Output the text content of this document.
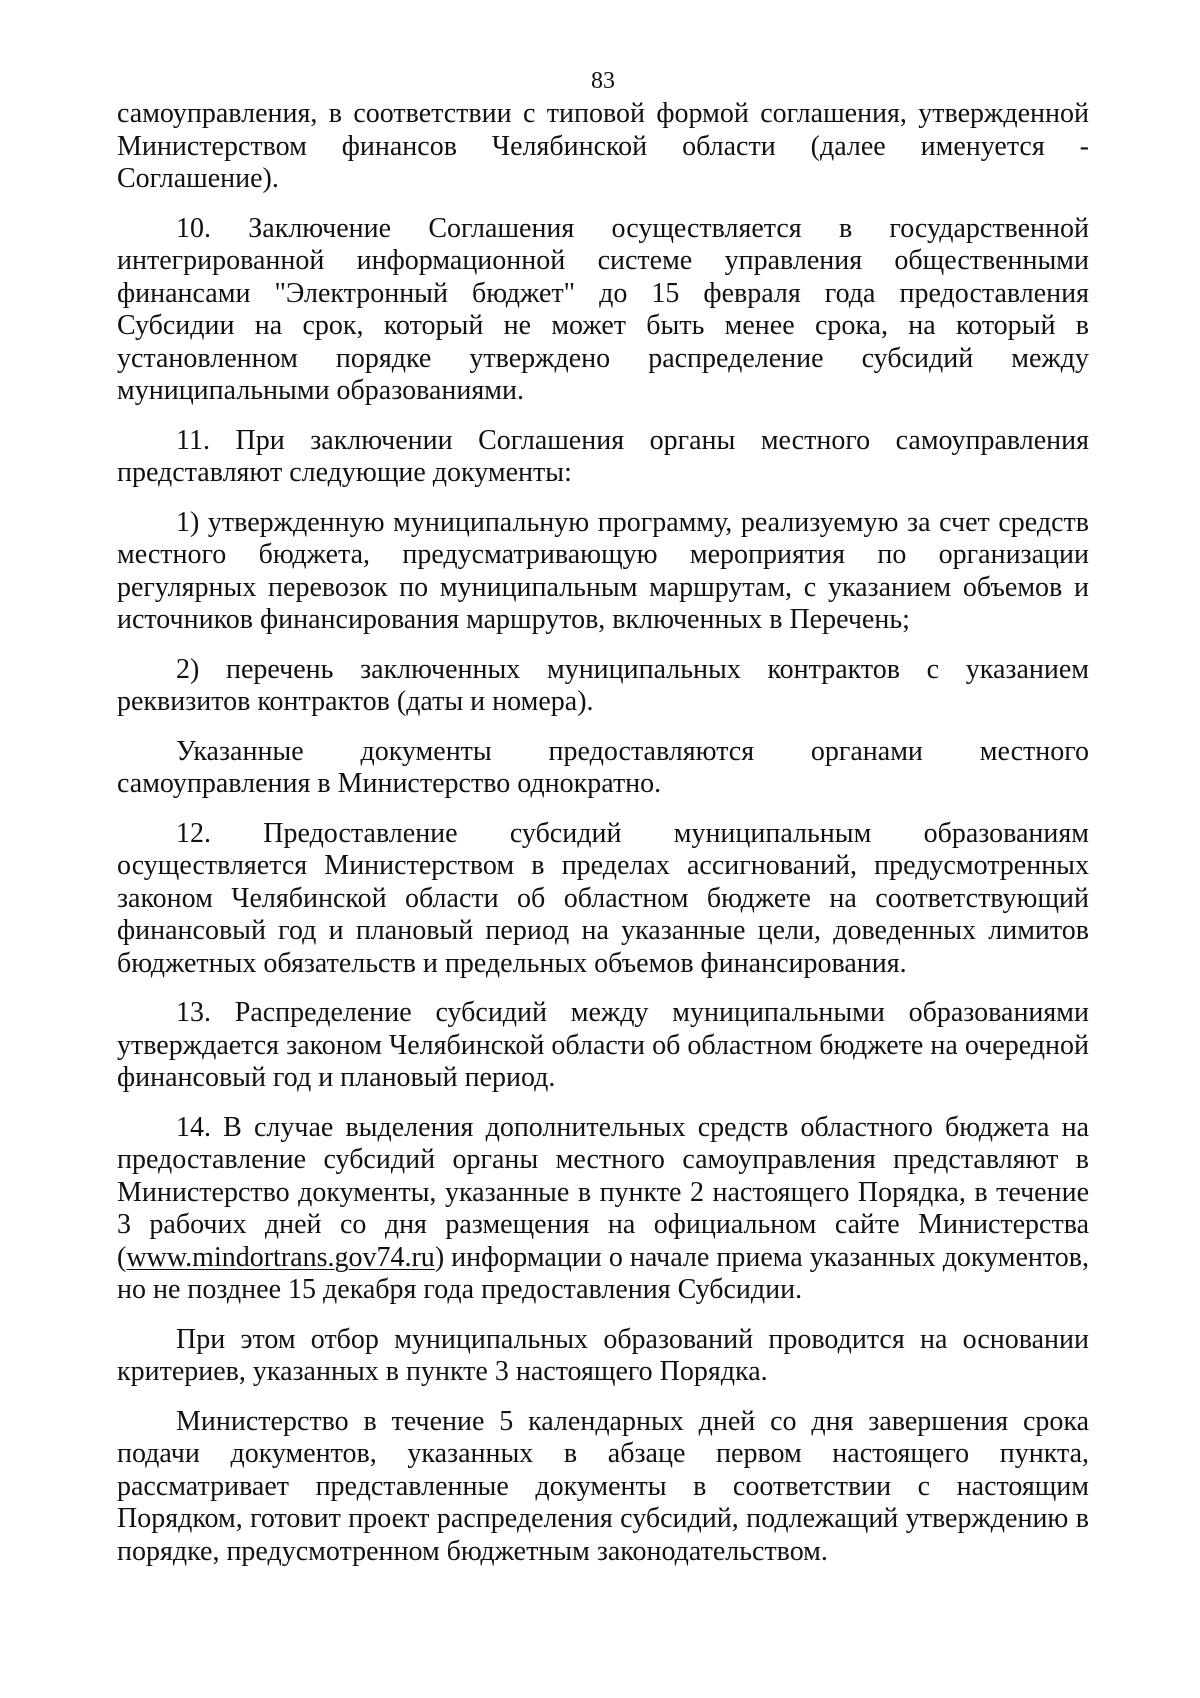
83

самоуправления, в соответствии с типовой формой соглашения, утвержденной Министерством финансов Челябинской области (далее именуется - Соглашение).

10. Заключение Соглашения осуществляется в государственной интегрированной информационной системе управления общественными финансами "Электронный бюджет" до 15 февраля года предоставления Субсидии на срок, который не может быть менее срока, на который в установленном порядке утверждено распределение субсидий между муниципальными образованиями.

11. При заключении Соглашения органы местного самоуправления представляют следующие документы:

1) утвержденную муниципальную программу, реализуемую за счет средств местного бюджета, предусматривающую мероприятия по организации регулярных перевозок по муниципальным маршрутам, с указанием объемов и источников финансирования маршрутов, включенных в Перечень;

2) перечень заключенных муниципальных контрактов с указанием реквизитов контрактов (даты и номера).

Указанные документы предоставляются органами местного самоуправления в Министерство однократно.

12. Предоставление субсидий муниципальным образованиям осуществляется Министерством в пределах ассигнований, предусмотренных законом Челябинской области об областном бюджете на соответствующий финансовый год и плановый период на указанные цели, доведенных лимитов бюджетных обязательств и предельных объемов финансирования.

13. Распределение субсидий между муниципальными образованиями утверждается законом Челябинской области об областном бюджете на очередной финансовый год и плановый период.

14. В случае выделения дополнительных средств областного бюджета на предоставление субсидий органы местного самоуправления представляют в Министерство документы, указанные в пункте 2 настоящего Порядка, в течение 3 рабочих дней со дня размещения на официальном сайте Министерства (www.mindortrans.gov74.ru) информации о начале приема указанных документов, но не позднее 15 декабря года предоставления Субсидии.

При этом отбор муниципальных образований проводится на основании критериев, указанных в пункте 3 настоящего Порядка.

Министерство в течение 5 календарных дней со дня завершения срока подачи документов, указанных в абзаце первом настоящего пункта, рассматривает представленные документы в соответствии с настоящим Порядком, готовит проект распределения субсидий, подлежащий утверждению в порядке, предусмотренном бюджетным законодательством.
